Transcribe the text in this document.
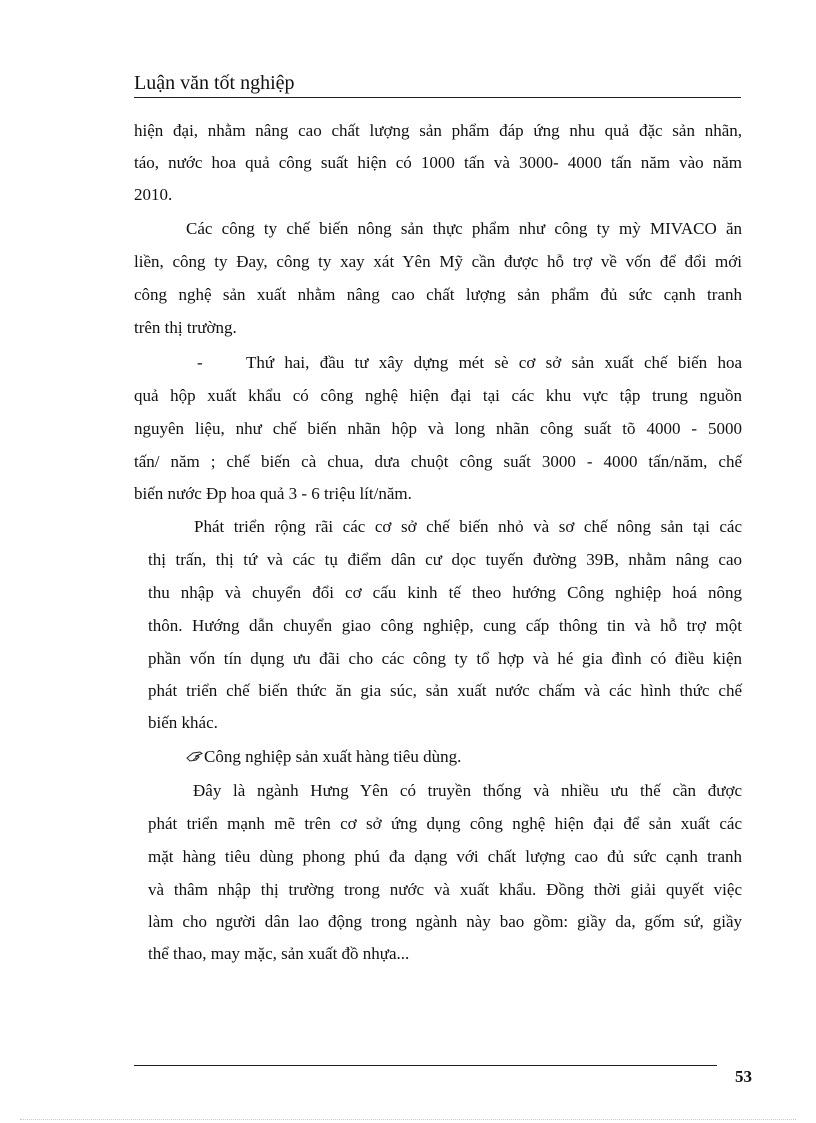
Luận văn tốt nghiệp
hiện đại, nhằm nâng cao chất lượng sản phẩm đáp ứng nhu quả đặc sản nhãn,
táo, nước hoa quả công suất hiện có 1000 tấn và 3000- 4000 tấn năm vào năm
2010.
Các công ty chế biến nông sản thực phẩm như công ty mỳ MIVACO ăn
liền, công ty Đay, công ty xay xát Yên Mỹ cần được hỗ trợ về vốn để đổi mới
công nghệ sản xuất nhằm nâng cao chất lượng sản phẩm đủ sức cạnh tranh
trên thị trường.
-	Thứ hai, đầu tư xây dựng mét sè cơ sở sản xuất chế biến hoa
quả hộp xuất khẩu có công nghệ hiện đại tại các khu vực tập trung nguồn
nguyên liệu, như chế biến nhãn hộp và long nhãn công suất tõ 4000 - 5000
tấn/ năm ; chế biến cà chua, dưa chuột công suất 3000 - 4000 tấn/năm, chế
biến nước Đp hoa quả 3 - 6 triệu lít/năm.
Phát triển rộng rãi các cơ sở chế biến nhỏ và sơ chế nông sản tại các
thị trấn, thị tứ và các tụ điểm dân cư dọc tuyến đường 39B, nhằm nâng cao
thu nhập và chuyển đổi cơ cấu kinh tế theo hướng Công nghiệp hoá nông
thôn. Hướng dẫn chuyển giao công nghiệp, cung cấp thông tin và hỗ trợ một
phần vốn tín dụng ưu đãi cho các công ty tổ hợp và hé gia đình có điều kiện
phát triển chế biến thức ăn gia súc, sản xuất nước chấm và các hình thức chế
biến khác.
Công nghiệp sản xuất hàng tiêu dùng.
Đây là ngành Hưng Yên có truyền thống và nhiều ưu thế cần được
phát triển mạnh mẽ trên cơ sở ứng dụng công nghệ hiện đại để sản xuất các
mặt hàng tiêu dùng phong phú đa dạng với chất lượng cao đủ sức cạnh tranh
và thâm nhập thị trường trong nước và xuất khẩu. Đồng thời giải quyết việc
làm cho người dân lao động trong ngành này bao gồm: giầy da, gốm sứ, giầy
thể thao, may mặc, sản xuất đồ nhựa...
53
